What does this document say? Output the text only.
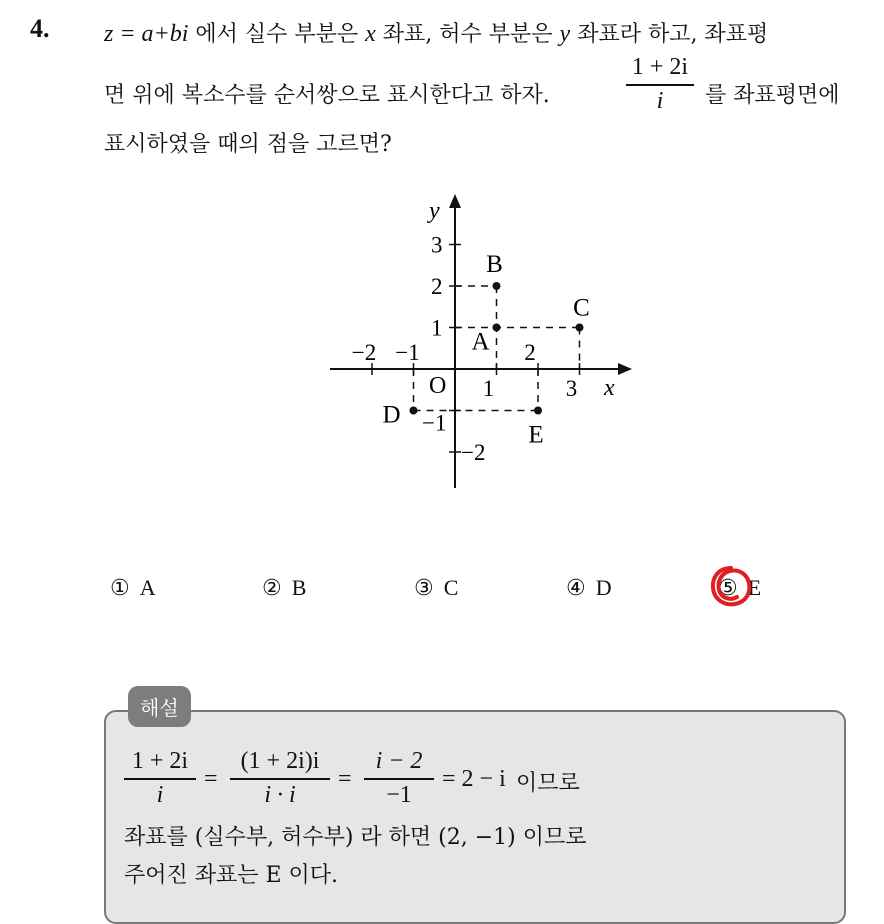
4. z = a+bi 에서 실수 부분은 x 좌표, 허수 부분은 y 좌표라 하고, 좌표평
면 위에 복소수를 순서쌍으로 표시한다고 하자.
1 + 2i
i	를 좌표평면에
표시하였을 때의 점을 고르면?
x
y
O
−2 −1
1
2
3
3
2
1
−1
−2
A
B
C
D
E
① A	② B	③ C	④ D	⑤ E
해설
1 + 2i
i
=
(1 + 2i)i
i · i
=
i − 2
−1
= 2 − i 이므로
좌표를 (실수부, 허수부) 라 하면 (2, −1) 이므로
주어진 좌표는 E 이다.
